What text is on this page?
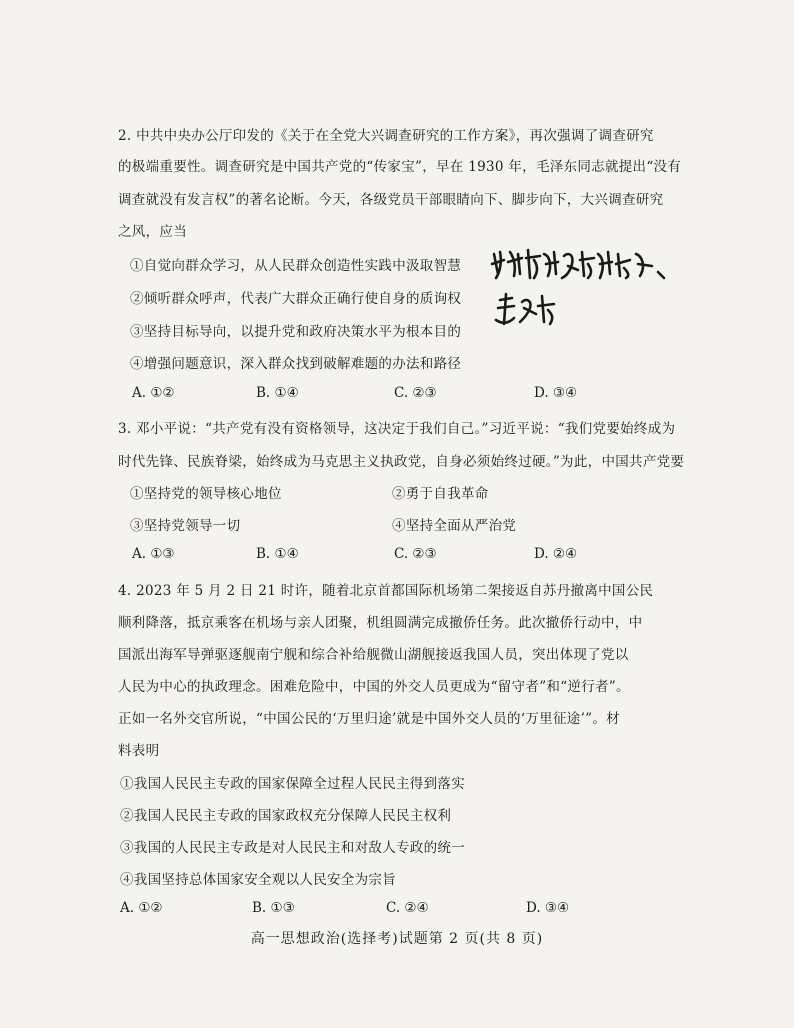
2. 中共中央办公厅印发的《关于在全党大兴调查研究的工作方案》，再次强调了调查研究
的极端重要性。调查研究是中国共产党的“传家宝”，早在 1930 年，毛泽东同志就提出“没有
调查就没有发言权”的著名论断。今天，各级党员干部眼睛向下、脚步向下，大兴调查研究
之风，应当
①自觉向群众学习，从人民群众创造性实践中汲取智慧
②倾听群众呼声，代表广大群众正确行使自身的质询权
③坚持目标导向，以提升党和政府决策水平为根本目的
④增强问题意识，深入群众找到破解难题的办法和路径
A. ①②	B. ①④	C. ②③	D. ③④
3. 邓小平说：“共产党有没有资格领导，这决定于我们自己。”习近平说：“我们党要始终成为
时代先锋、民族脊梁，始终成为马克思主义执政党，自身必须始终过硬。”为此，中国共产党要
①坚持党的领导核心地位	②勇于自我革命
③坚持党领导一切	④坚持全面从严治党
A. ①③	B. ①④	C. ②③	D. ②④
4. 2023 年 5 月 2 日 21 时许，随着北京首都国际机场第二架接返自苏丹撤离中国公民
顺利降落，抵京乘客在机场与亲人团聚，机组圆满完成撤侨任务。此次撤侨行动中，中
国派出海军导弹驱逐舰南宁舰和综合补给舰微山湖舰接返我国人员，突出体现了党以
人民为中心的执政理念。困难危险中，中国的外交人员更成为“留守者”和“逆行者”。
正如一名外交官所说，“中国公民的‘万里归途’就是中国外交人员的‘万里征途’”。材
料表明
①我国人民民主专政的国家保障全过程人民民主得到落实
②我国人民民主专政的国家政权充分保障人民民主权利
③我国的人民民主专政是对人民民主和对敌人专政的统一
④我国坚持总体国家安全观以人民安全为宗旨
A. ①②	B. ①③	C. ②④	D. ③④
高一思想政治(选择考)试题第 2 页(共 8 页)
